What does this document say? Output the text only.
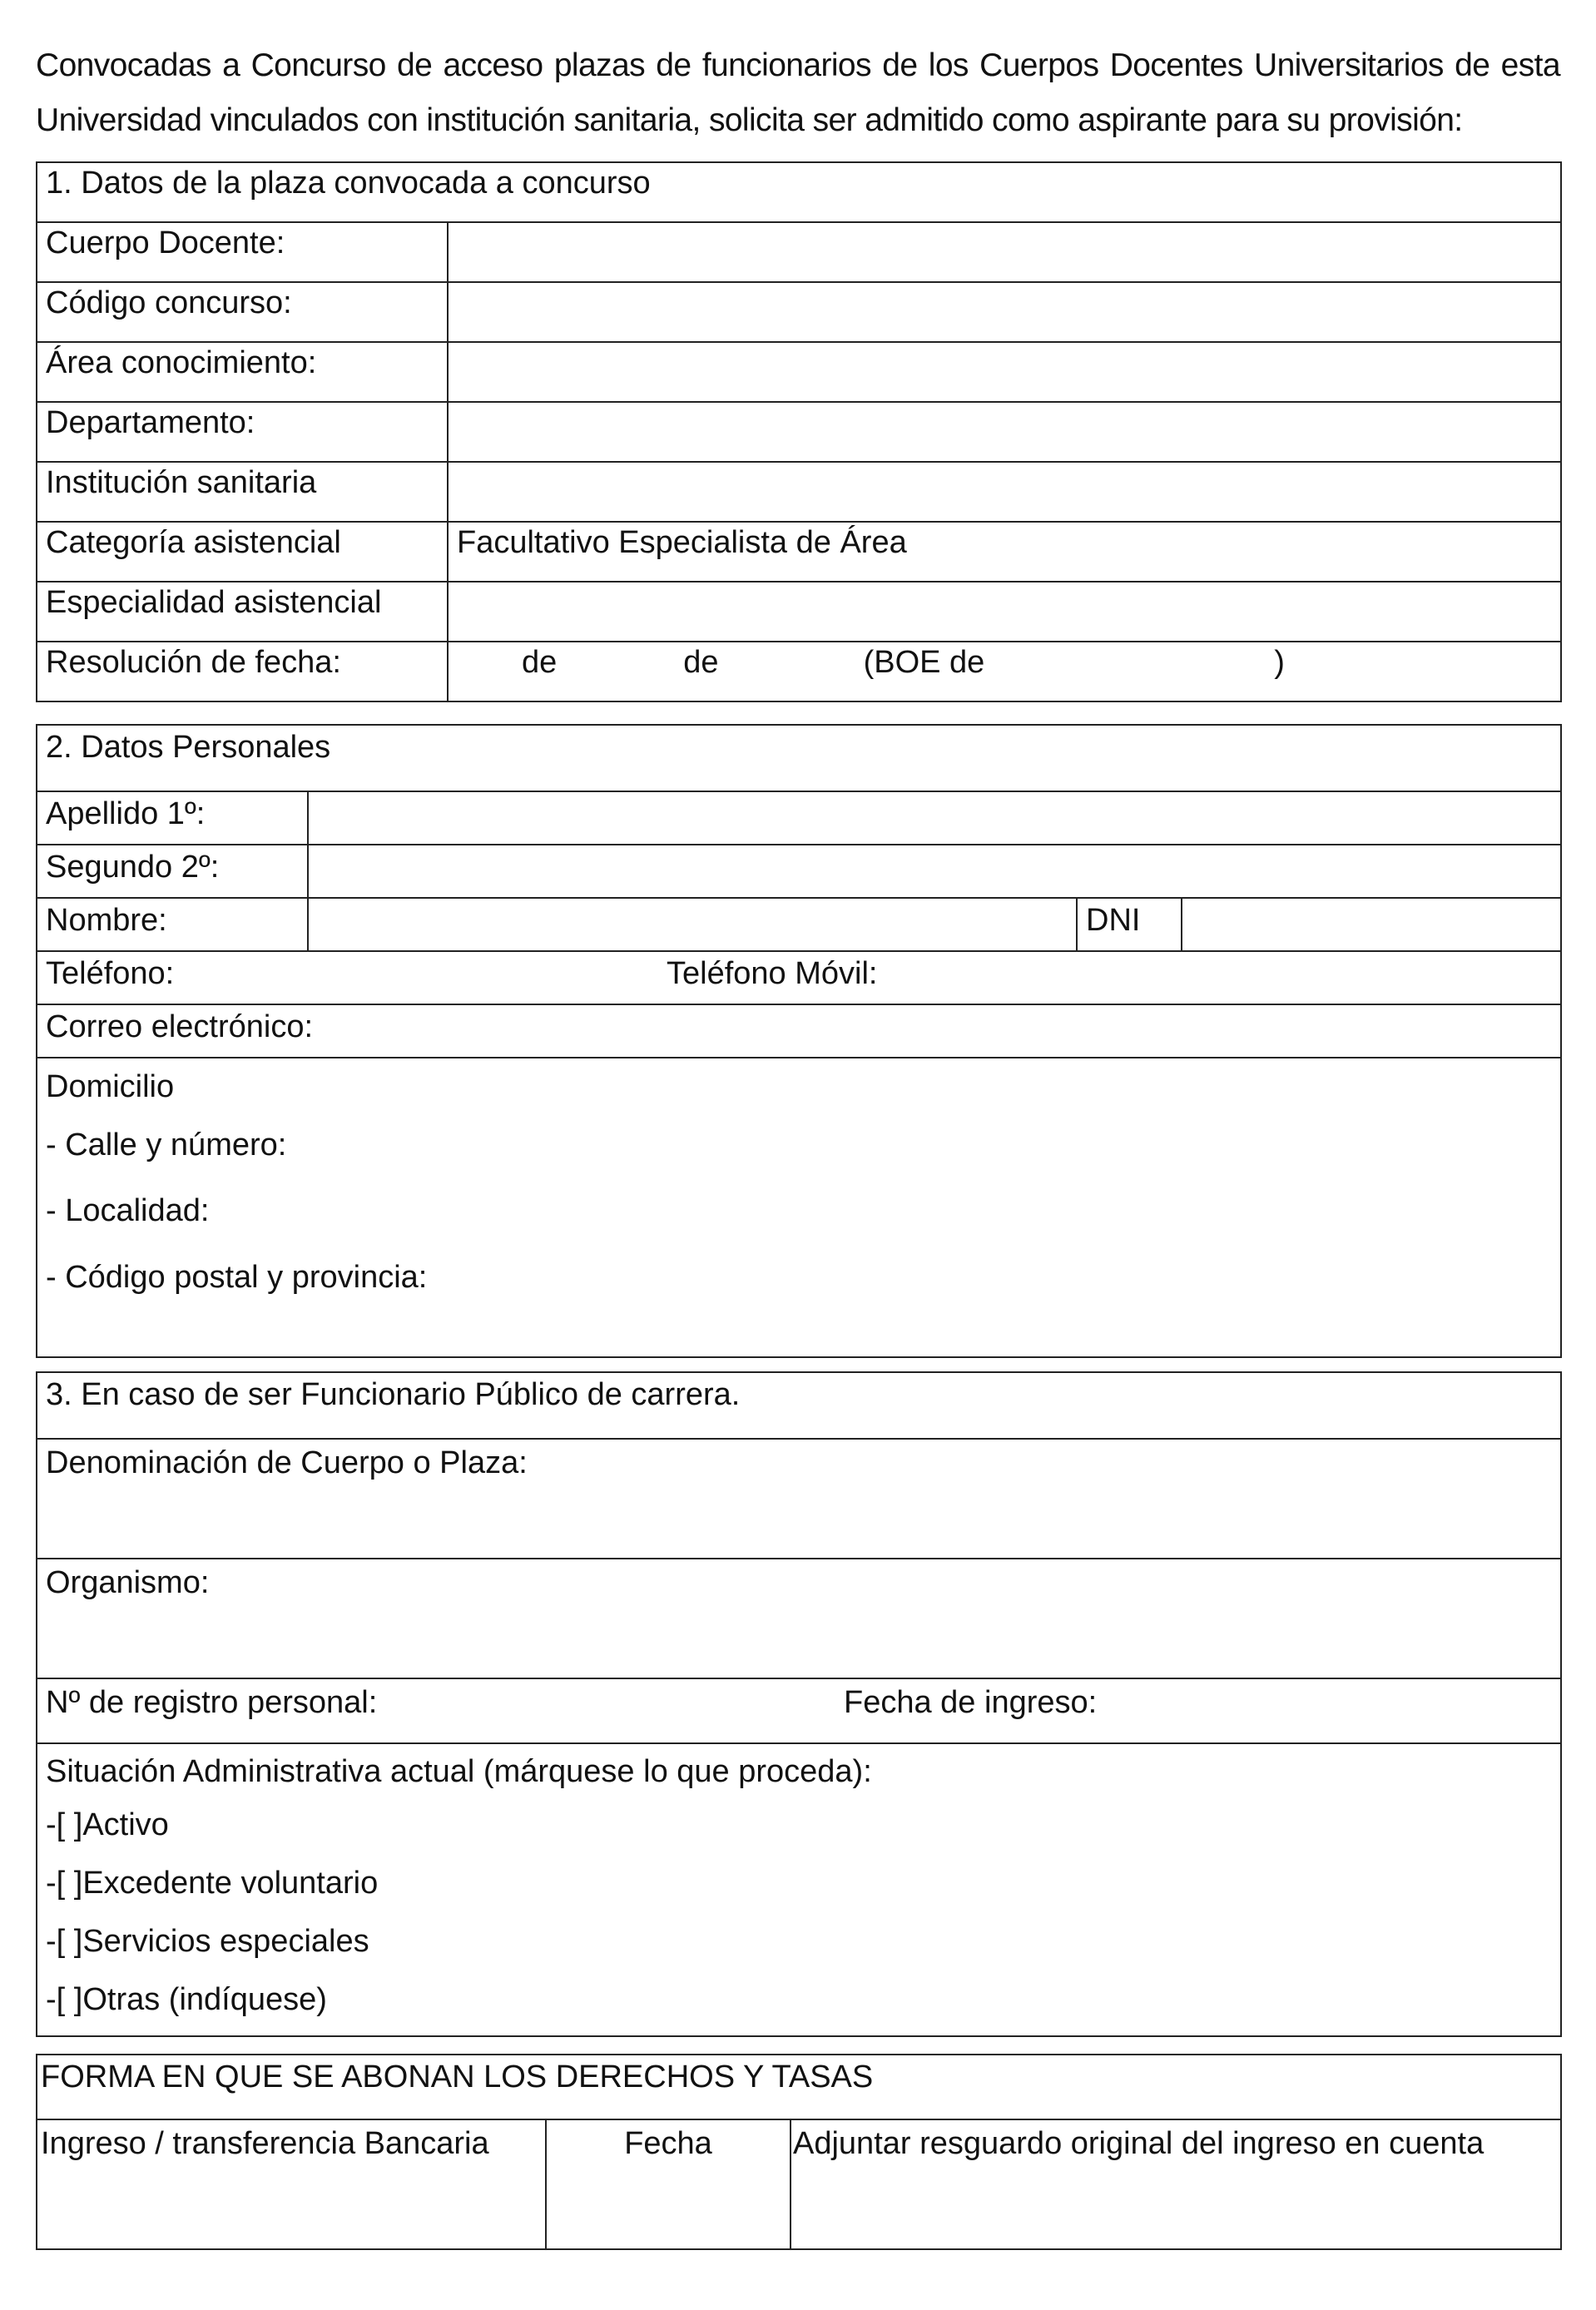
Convocadas a Concurso de acceso plazas de funcionarios de los Cuerpos Docentes Universitarios de esta

Universidad vinculados con institución sanitaria, solicita ser admitido como aspirante para su provisión:

1. Datos de la plaza convocada a concurso	
Cuerpo Docente:	
Código concurso:	
Área conocimiento:	
Departamento:	
Institución sanitaria	
Categoría asistencial	Facultativo Especialista de Área
Especialidad asistencial	
Resolución de fecha:	de de (BOE de )
2. Datos Personales			
Apellido 1º:			
Segundo 2º:			
Nombre:		DNI	
Teléfono: Teléfono Móvil:			

Correo electrónico:			

Domicilio
- Calle y número:
- Localidad:
- Código postal y provincia:			
3. En caso de ser Funcionario Público de carrera.
Denominación de Cuerpo o Plaza:
Organismo:
Nº de registro personal:	Fecha de ingreso:

Situación Administrativa actual (márquese lo que proceda):
-[ ]Activo
-[ ]Excedente voluntario
-[ ]Servicios especiales
-[ ]Otras (indíquese)
FORMA EN QUE SE ABONAN LOS DERECHOS Y TASAS
Ingreso / transferencia Bancaria	Fecha	Adjuntar resguardo original del ingreso en cuenta
